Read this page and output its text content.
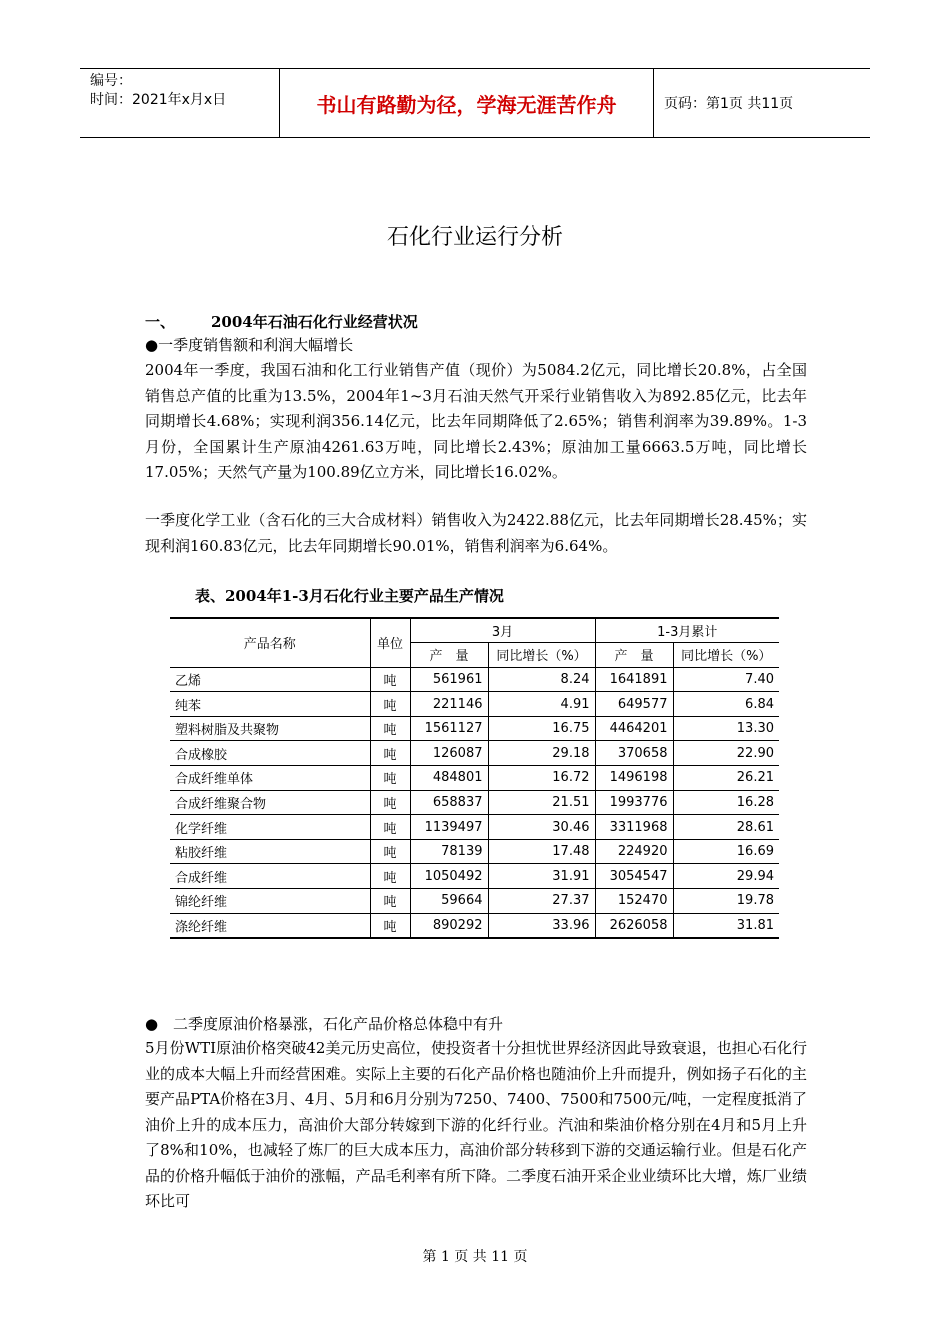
编号：
时间：2021年x月x日	书山有路勤为径，学海无涯苦作舟	页码：第1页 共11页
石化行业运行分析
一、 2004年石油石化行业经营状况
●一季度销售额和利润大幅增长

2004年一季度，我国石油和化工行业销售产值（现价）为5084.2亿元，同比增长20.8%，占全国销售总产值的比重为13.5%，2004年1~3月石油天然气开采行业销售收入为892.85亿元，比去年同期增长4.68%；实现利润356.14亿元，比去年同期降低了2.65%；销售利润率为39.89%。1-3月份，全国累计生产原油4261.63万吨，同比增长2.43%；原油加工量6663.5万吨，同比增长17.05%；天然气产量为100.89亿立方米，同比增长16.02%。

一季度化学工业（含石化的三大合成材料）销售收入为2422.88亿元，比去年同期增长28.45%；实现利润160.83亿元，比去年同期增长90.01%，销售利润率为6.64%。

表、2004年1-3月石化行业主要产品生产情况
产品名称	单位	3月		1-3月累计	
		产　量	同比增长（%）	产　量	同比增长（%）
乙烯	吨	561961	8.24	1641891	7.40
纯苯	吨	221146	4.91	649577	6.84
塑料树脂及共聚物	吨	1561127	16.75	4464201	13.30
合成橡胶	吨	126087	29.18	370658	22.90
合成纤维单体	吨	484801	16.72	1496198	26.21
合成纤维聚合物	吨	658837	21.51	1993776	16.28
化学纤维	吨	1139497	30.46	3311968	28.61
粘胶纤维	吨	78139	17.48	224920	16.69
合成纤维	吨	1050492	31.91	3054547	29.94
锦纶纤维	吨	59664	27.37	152470	19.78
涤纶纤维	吨	890292	33.96	2626058	31.81
● 二季度原油价格暴涨，石化产品价格总体稳中有升

5月份WTI原油价格突破42美元历史高位，使投资者十分担忧世界经济因此导致衰退，也担心石化行业的成本大幅上升而经营困难。实际上主要的石化产品价格也随油价上升而提升，例如扬子石化的主要产品PTA价格在3月、4月、5月和6月分别为7250、7400、7500和7500元/吨，一定程度抵消了油价上升的成本压力，高油价大部分转嫁到下游的化纤行业。汽油和柴油价格分别在4月和5月上升了8%和10%，也减轻了炼厂的巨大成本压力，高油价部分转移到下游的交通运输行业。但是石化产品的价格升幅低于油价的涨幅，产品毛利率有所下降。二季度石油开采企业业绩环比大增，炼厂业绩环比可

第 1 页 共 11 页
